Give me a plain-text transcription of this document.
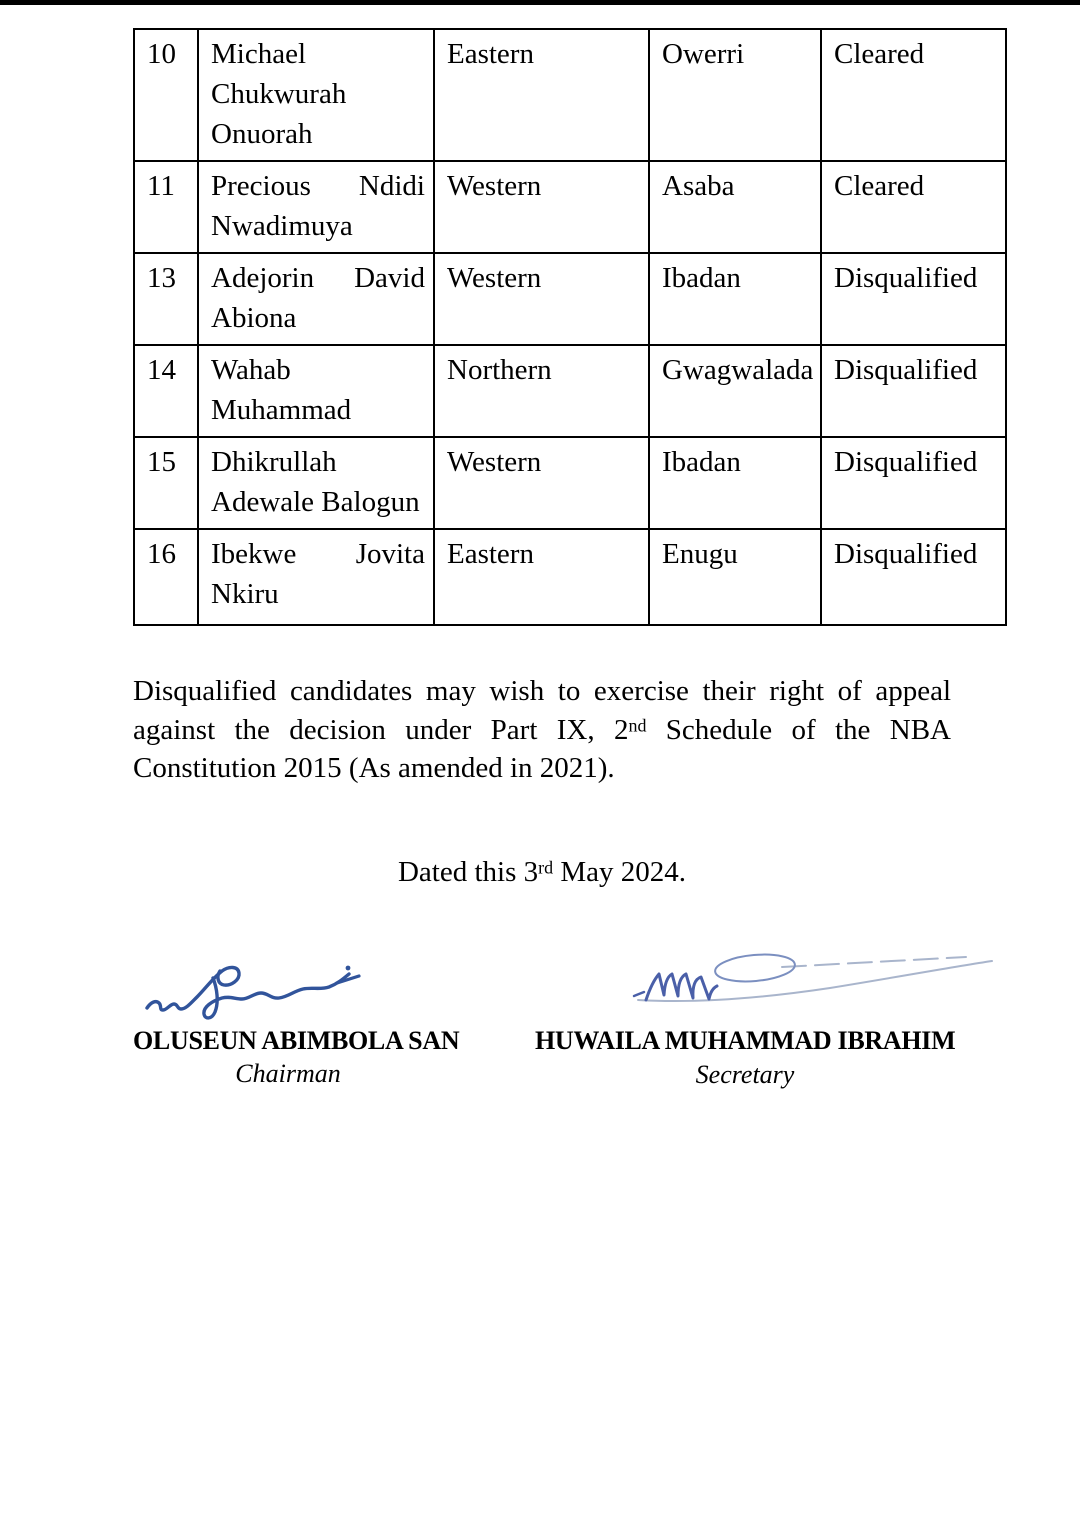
10	Michael Chukwurah Onuorah	Eastern	Owerri	Cleared
11	Precious Ndidi Nwadimuya	Western	Asaba	Cleared
13	Adejorin David Abiona	Western	Ibadan	Disqualified
14	Wahab Muhammad	Northern	Gwagwalada	Disqualified
15	Dhikrullah Adewale Balogun	Western	Ibadan	Disqualified
16	Ibekwe Jovita Nkiru	Eastern	Enugu	Disqualified

Disqualified candidates may wish to exercise their right of appeal against the decision under Part IX, 2nd Schedule of the NBA Constitution 2015 (As amended in 2021).

Dated this 3rd May 2024.

OLUSEUN ABIMBOLA SAN
Chairman
HUWAILA MUHAMMAD IBRAHIM
Secretary
